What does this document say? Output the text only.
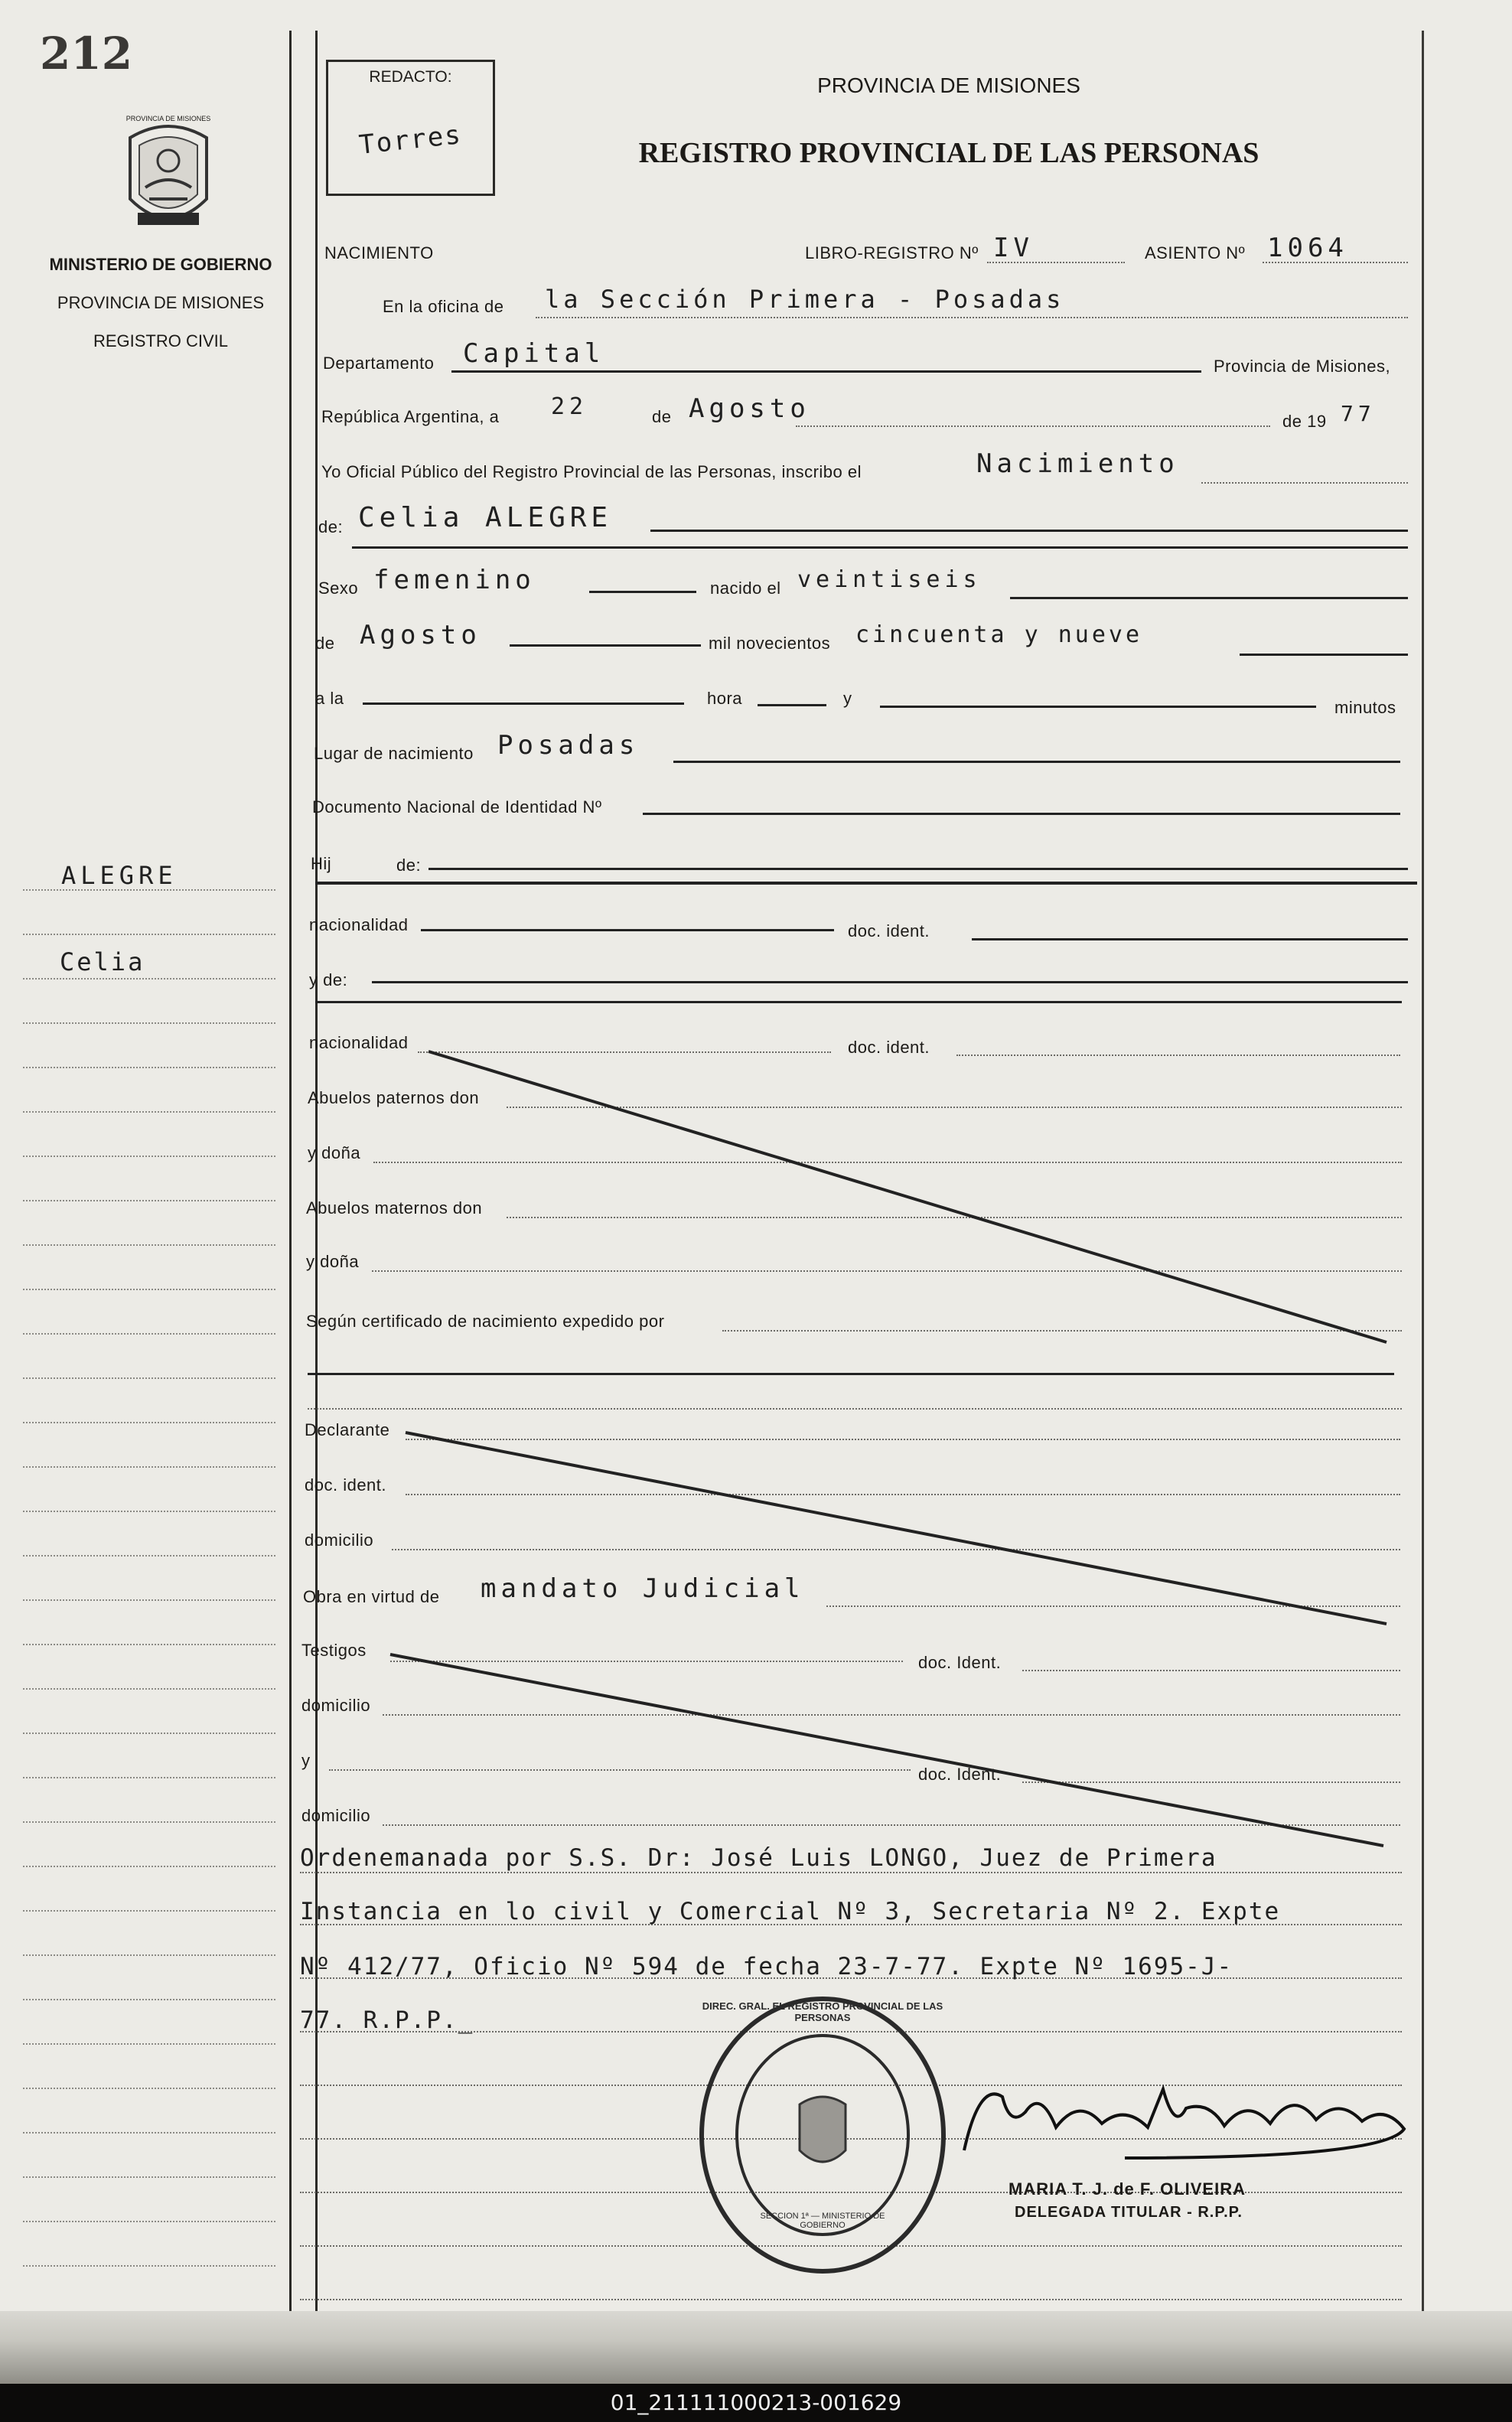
212
PROVINCIA DE MISIONES
MINISTERIO DE GOBIERNO
PROVINCIA DE MISIONES
REGISTRO CIVIL
ALEGRE
Celia
REDACTO:
Torres
PROVINCIA DE MISIONES
REGISTRO PROVINCIAL DE LAS PERSONAS
NACIMIENTO	LIBRO-REGISTRO Nº IV	ASIENTO Nº 1064
En la oficina de la Sección Primera - Posadas
Departamento Capital	Provincia de Misiones,
República Argentina, a 22	de Agosto	de 19 77
Yo Oficial Público del Registro Provincial de las Personas, inscribo el	Nacimiento
de: Celia ALEGRE
Sexo femenino	nacido el veintiseis
de Agosto	mil novecientos cincuenta y nueve
a la	hora	y	minutos
Lugar de nacimiento Posadas
Documento Nacional de Identidad Nº
Hij	de:
nacionalidad	doc. ident.
y de:
nacionalidad	doc. ident.
Abuelos paternos don
y doña
Abuelos maternos don
y doña
Según certificado de nacimiento expedido por
Declarante
doc. ident.
domicilio
Obra en virtud de mandato Judicial
Testigos
doc. Ident.
domicilio
y
doc. Ident.
domicilio
Ordenemanada por S.S. Dr: José Luis LONGO, Juez de Primera
Instancia en lo civil y Comercial Nº 3, Secretaria Nº 2. Expte
Nº 412/77, Oficio Nº 594 de fecha 23-7-77. Expte Nº 1695-J-
77. R.P.P._
DIREC. GRAL. EL REGISTRO PROVINCIAL DE LAS PERSONAS
SECCION 1ª — MINISTERIO DE GOBIERNO
MARIA T. J. de F. OLIVEIRA
DELEGADA TITULAR - R.P.P.
01_211111000213-001629
